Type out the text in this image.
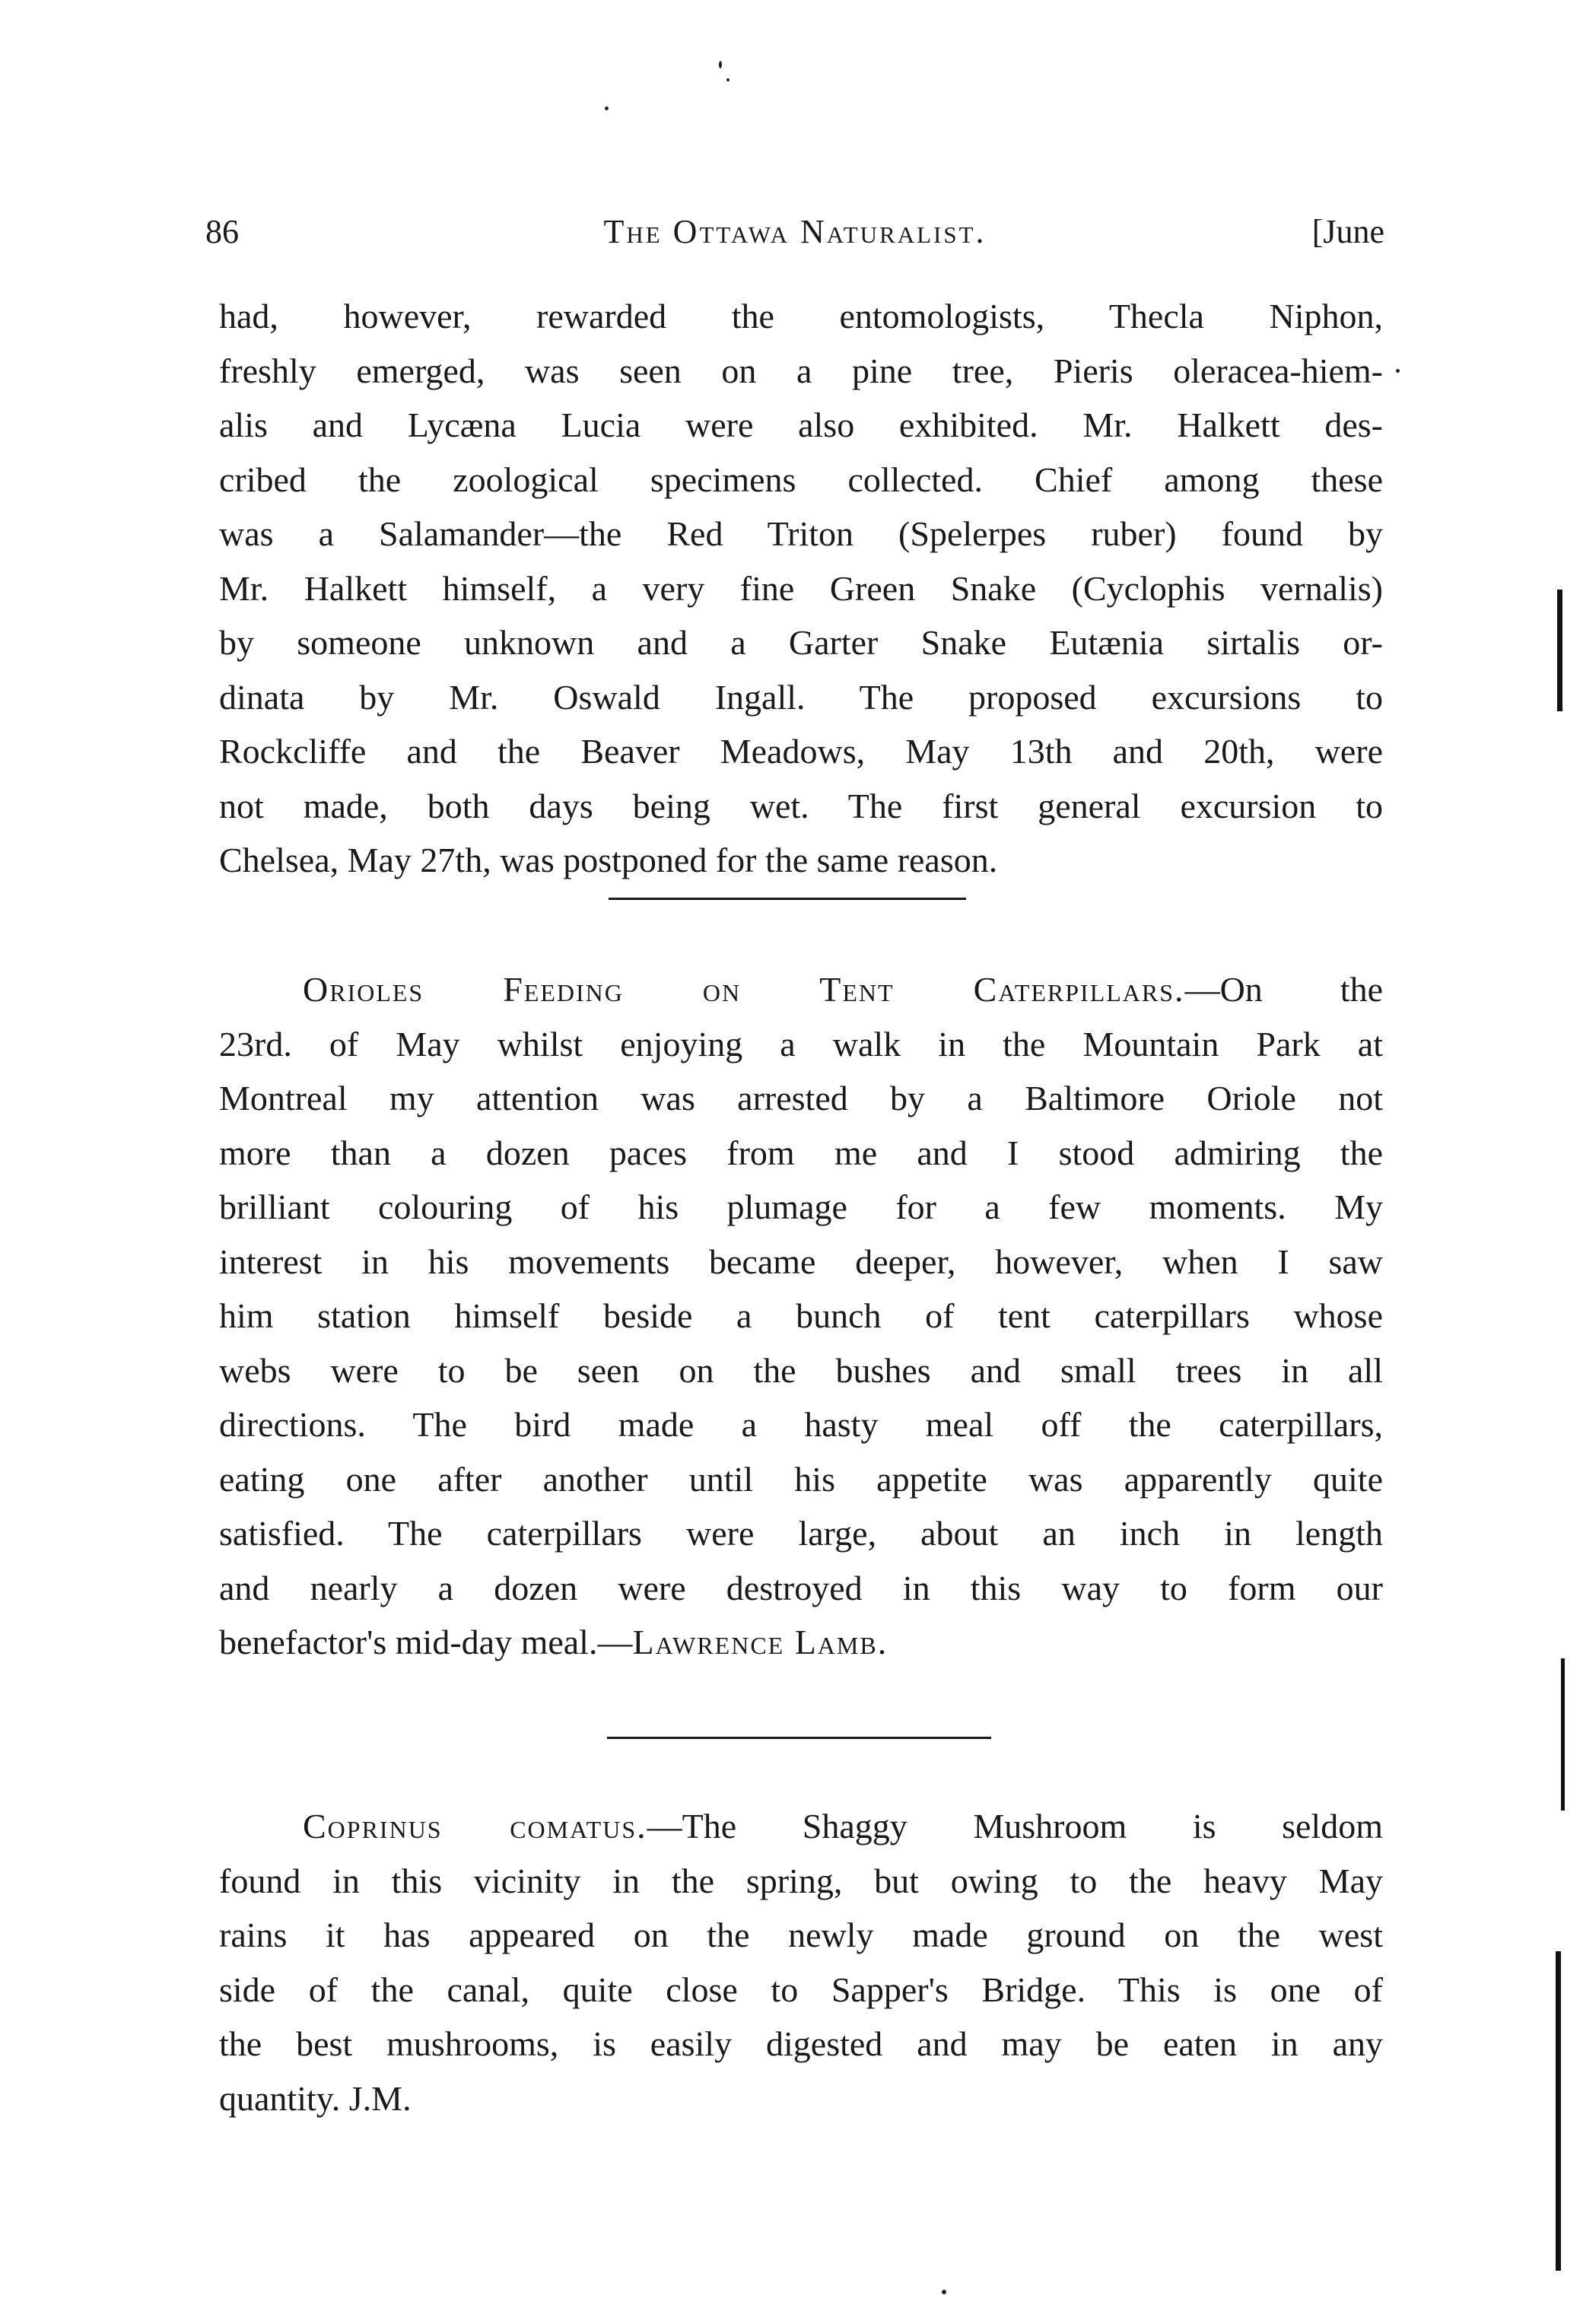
86	The Ottawa Naturalist.	[June
had, however, rewarded the entomologists, Thecla Niphon,
freshly emerged, was seen on a pine tree, Pieris oleracea-hiem-
alis and Lycæna Lucia were also exhibited. Mr. Halkett des-
cribed the zoological specimens collected. Chief among these
was a Salamander—the Red Triton (Spelerpes ruber) found by
Mr. Halkett himself, a very fine Green Snake (Cyclophis vernalis)
by someone unknown and a Garter Snake Eutænia sirtalis or-
dinata by Mr. Oswald Ingall. The proposed excursions to
Rockcliffe and the Beaver Meadows, May 13th and 20th, were
not made, both days being wet. The first general excursion to
Chelsea, May 27th, was postponed for the same reason.
Orioles Feeding on Tent Caterpillars.—On the
23rd. of May whilst enjoying a walk in the Mountain Park at
Montreal my attention was arrested by a Baltimore Oriole not
more than a dozen paces from me and I stood admiring the
brilliant colouring of his plumage for a few moments. My
interest in his movements became deeper, however, when I saw
him station himself beside a bunch of tent caterpillars whose
webs were to be seen on the bushes and small trees in all
directions. The bird made a hasty meal off the caterpillars,
eating one after another until his appetite was apparently quite
satisfied. The caterpillars were large, about an inch in length
and nearly a dozen were destroyed in this way to form our
benefactor's mid-day meal.—Lawrence Lamb.
Coprinus comatus.—The Shaggy Mushroom is seldom
found in this vicinity in the spring, but owing to the heavy May
rains it has appeared on the newly made ground on the west
side of the canal, quite close to Sapper's Bridge. This is one of
the best mushrooms, is easily digested and may be eaten in any
quantity. J.M.
